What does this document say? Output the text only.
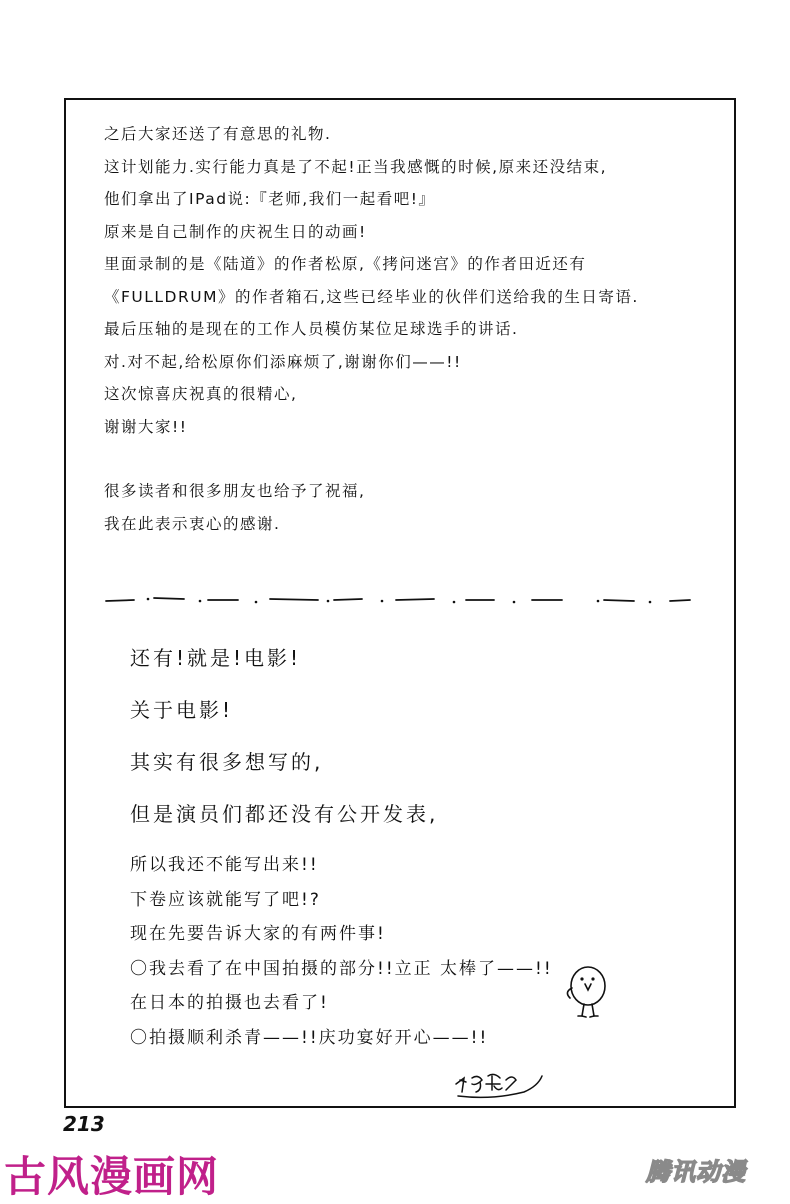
之后大家还送了有意思的礼物.
这计划能力.实行能力真是了不起!正当我感慨的时候,原来还没结束,
他们拿出了IPad说:『老师,我们一起看吧!』
原来是自己制作的庆祝生日的动画!
里面录制的是《陆道》的作者松原,《拷问迷宫》的作者田近还有
《FULLDRUM》的作者箱石,这些已经毕业的伙伴们送给我的生日寄语.
最后压轴的是现在的工作人员模仿某位足球选手的讲话.
对.对不起,给松原你们添麻烦了,谢谢你们——!!
这次惊喜庆祝真的很精心,
谢谢大家!!
很多读者和很多朋友也给予了祝福,
我在此表示衷心的感谢.
还有!就是!电影!
关于电影!
其实有很多想写的,
但是演员们都还没有公开发表,
所以我还不能写出来!!
下卷应该就能写了吧!?
现在先要告诉大家的有两件事!
〇我去看了在中国拍摄的部分!!立正 太棒了——!!
在日本的拍摄也去看了!
〇拍摄顺利杀青——!!庆功宴好开心——!!
213
古风漫画网	腾讯动漫
